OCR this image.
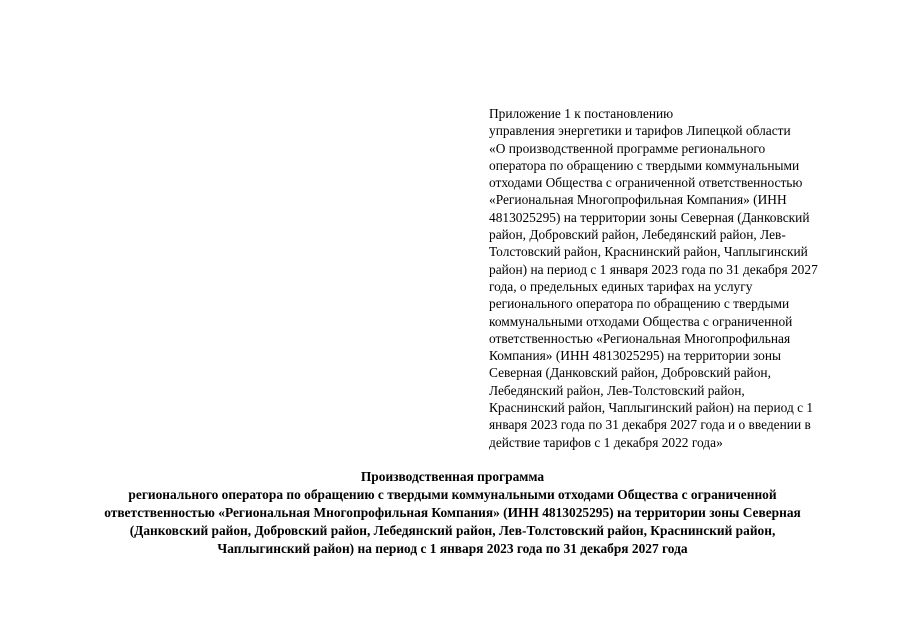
Приложение 1 к постановлению
управления энергетики и тарифов Липецкой области
«О производственной программе регионального
оператора по обращению с твердыми коммунальными
отходами Общества с ограниченной ответственностью
«Региональная Многопрофильная Компания» (ИНН
4813025295) на территории зоны Северная (Данковский
район, Добровский район, Лебедянский район, Лев-
Толстовский район, Краснинский район, Чаплыгинский
район) на период с 1 января 2023 года по 31 декабря 2027
года, о предельных единых тарифах на услугу
регионального оператора по обращению с твердыми
коммунальными отходами Общества с ограниченной
ответственностью «Региональная Многопрофильная
Компания» (ИНН 4813025295) на территории зоны
Северная (Данковский район, Добровский район,
Лебедянский район, Лев-Толстовский район,
Краснинский район, Чаплыгинский район) на период с 1
января 2023 года по 31 декабря 2027 года и о введении в
действие тарифов с 1 декабря 2022 года»
Производственная программа
регионального оператора по обращению с твердыми коммунальными отходами Общества с ограниченной
ответственностью «Региональная Многопрофильная Компания» (ИНН 4813025295) на территории зоны Северная
(Данковский район, Добровский район, Лебедянский район, Лев-Толстовский район, Краснинский район,
Чаплыгинский район) на период с 1 января 2023 года по 31 декабря 2027 года
